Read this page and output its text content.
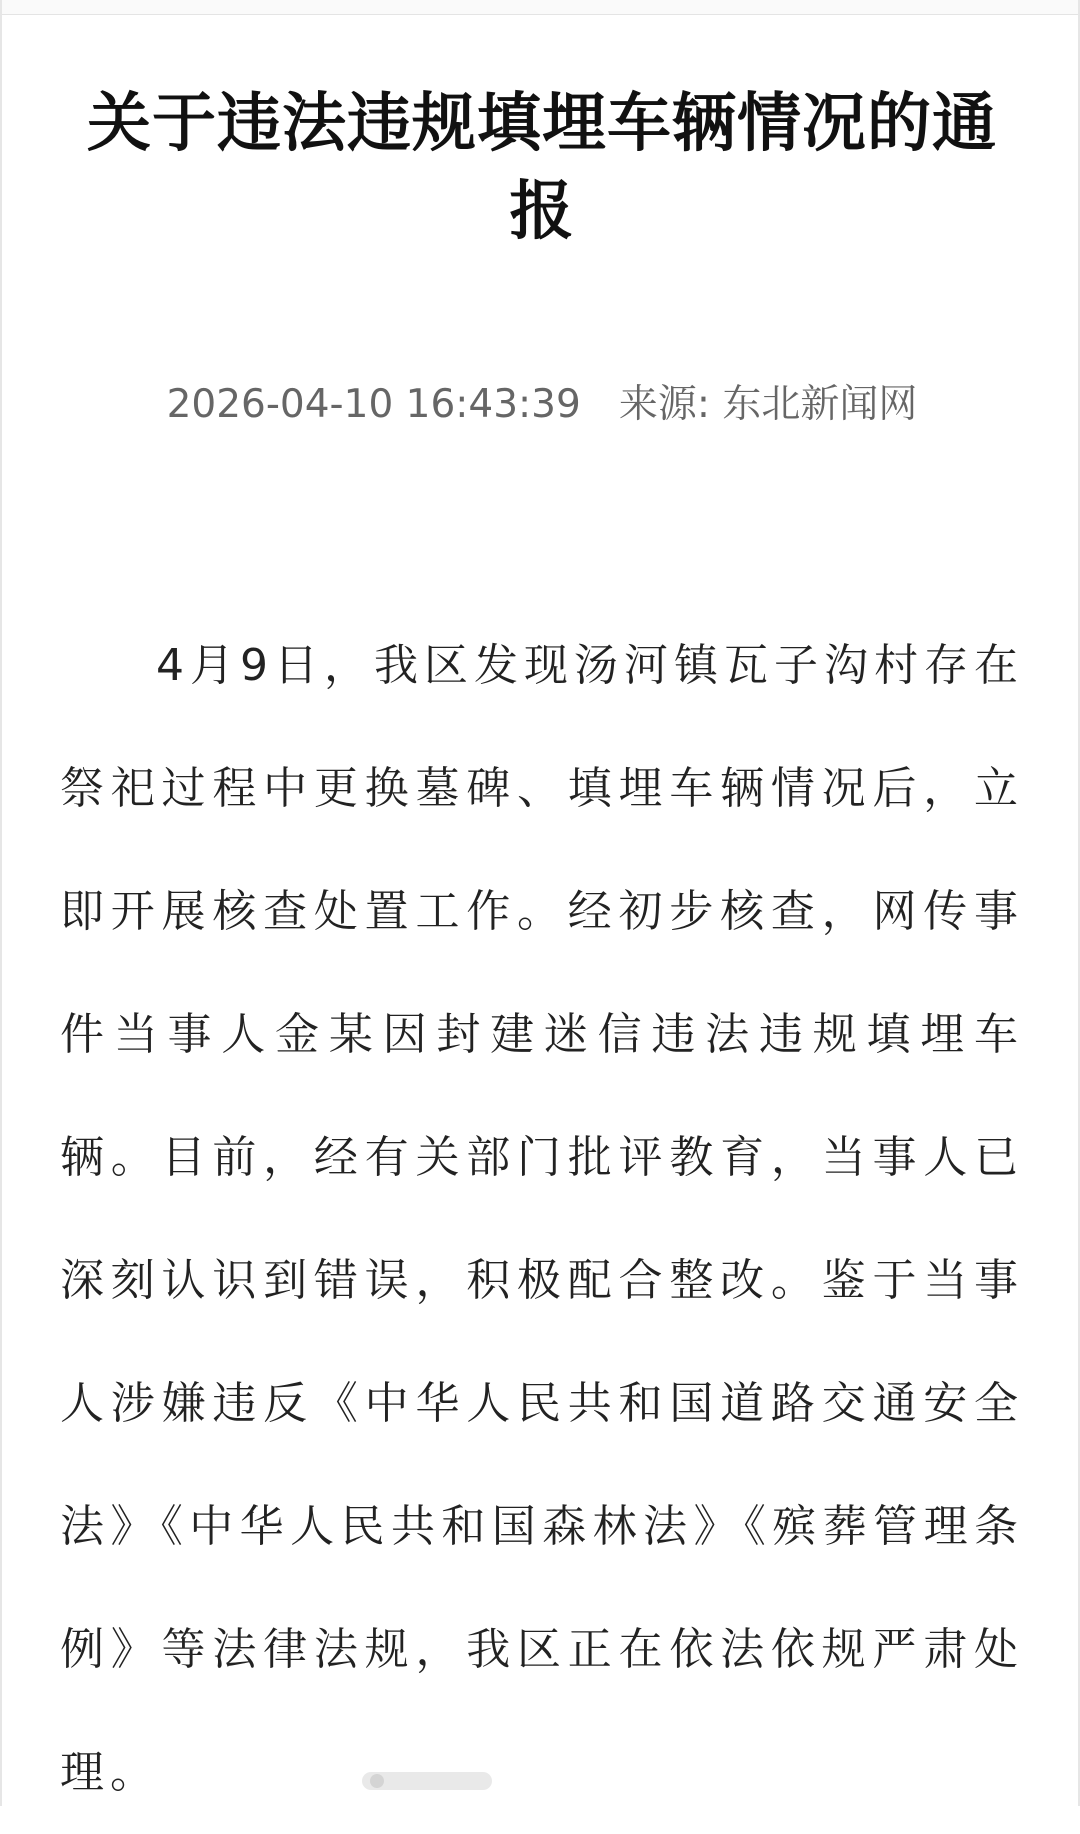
关于违法违规填埋车辆情况的通报
2026-04-10 16:43:39 来源: 东北新闻网

4月9日，我区发现汤河镇瓦子沟村存在祭祀过程中更换墓碑、填埋车辆情况后，立即开展核查处置工作。经初步核查，网传事件当事人金某因封建迷信违法违规填埋车辆。目前，经有关部门批评教育，当事人已深刻认识到错误，积极配合整改。鉴于当事人涉嫌违反《中华人民共和国道路交通安全法》《中华人民共和国森林法》《殡葬管理条例》等法律法规，我区正在依法依规严肃处理。
